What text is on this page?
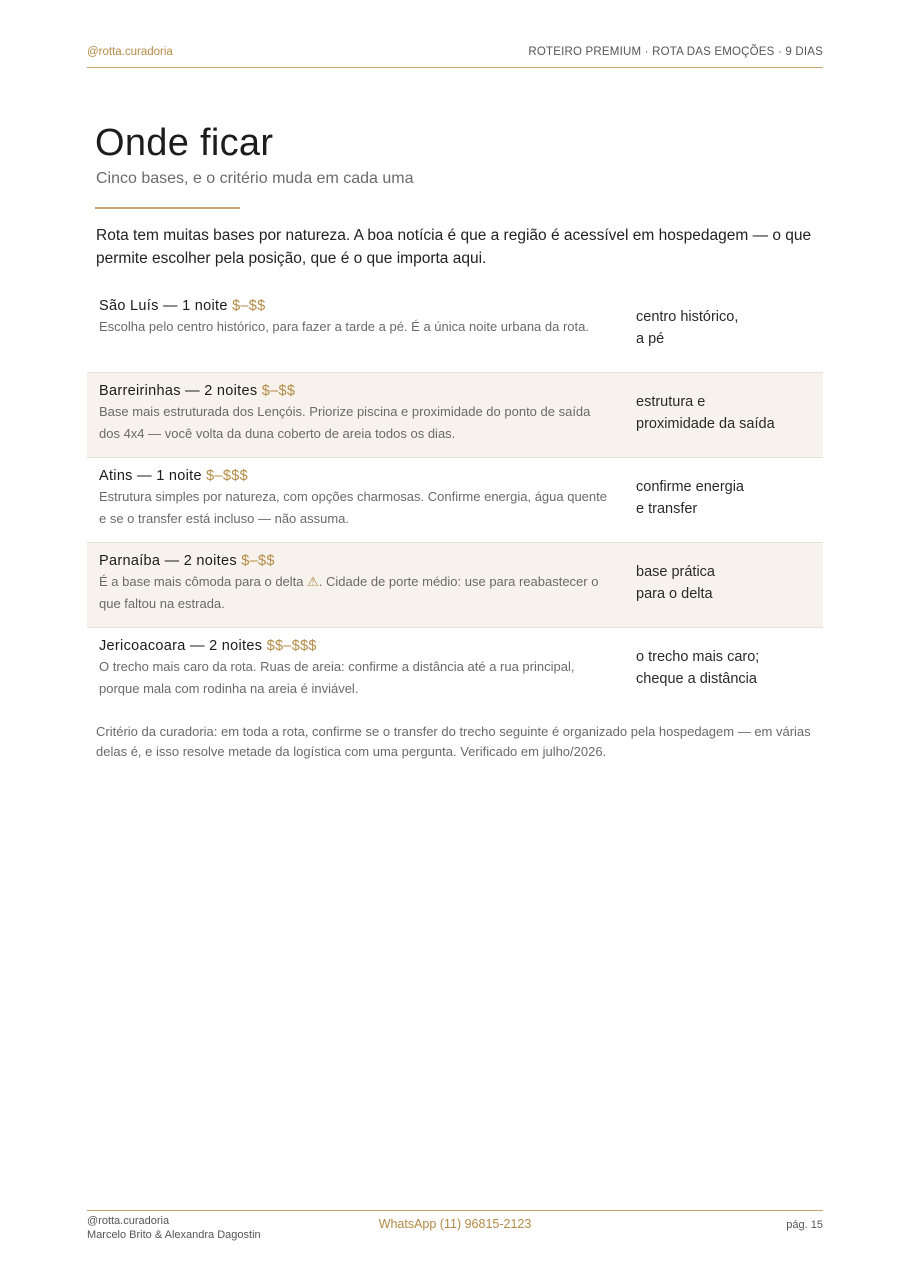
@rotta.curadoria	ROTEIRO PREMIUM · ROTA DAS EMOÇÕES · 9 DIAS
Onde ficar
Cinco bases, e o critério muda em cada uma

Rota tem muitas bases por natureza. A boa notícia é que a região é acessível em hospedagem — o que permite escolher pela posição, que é o que importa aqui.

São Luís — 1 noite $–$$
Escolha pelo centro histórico, para fazer a tarde a pé. É a única noite urbana da rota.
centro histórico,
a pé
Barreirinhas — 2 noites $–$$
Base mais estruturada dos Lençóis. Priorize piscina e proximidade do ponto de saída dos 4x4 — você volta da duna coberto de areia todos os dias.
estrutura e
proximidade da saída
Atins — 1 noite $–$$$
Estrutura simples por natureza, com opções charmosas. Confirme energia, água quente e se o transfer está incluso — não assuma.
confirme energia
e transfer
Parnaíba — 2 noites $–$$
É a base mais cômoda para o delta ⚠. Cidade de porte médio: use para reabastecer o que faltou na estrada.
base prática
para o delta
Jericoacoara — 2 noites $$–$$$
O trecho mais caro da rota. Ruas de areia: confirme a distância até a rua principal, porque mala com rodinha na areia é inviável.
o trecho mais caro;
cheque a distância
Critério da curadoria: em toda a rota, confirme se o transfer do trecho seguinte é organizado pela hospedagem — em várias delas é, e isso resolve metade da logística com uma pergunta. Verificado em julho/2026.
@rotta.curadoria
Marcelo Brito & Alexandra Dagostin
WhatsApp (11) 96815-2123	pág. 15
